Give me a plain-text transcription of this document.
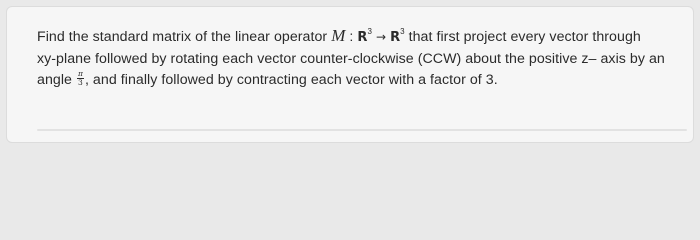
Find the standard matrix of the linear operator M : $R^3 \to R^3$ that first project every vector through
xy-plane followed by rotating each vector counter-clockwise (CCW) about the positive z– axis by an
angle $\frac{\pi}{3}$ , and finally followed by contracting each vector with a factor of 3.
